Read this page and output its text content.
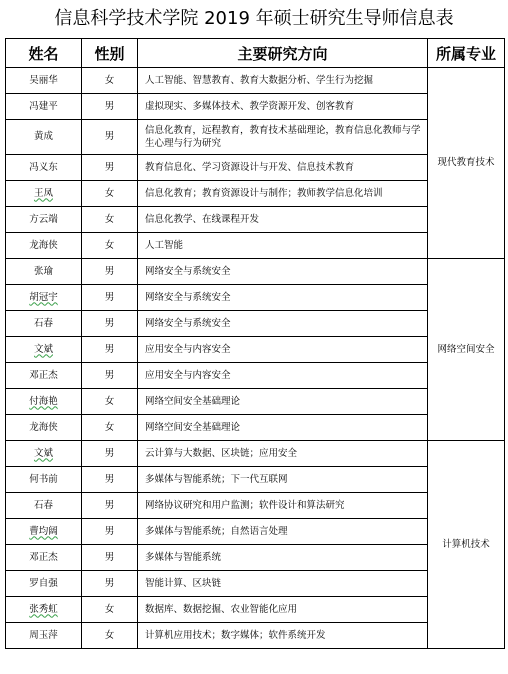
信息科学技术学院 2019 年硕士研究生导师信息表
姓名	性别	主要研究方向	所属专业
吴丽华	女	人工智能、智慧教育、教育大数据分析、学生行为挖掘	现代教育技术
冯建平	男	虚拟现实、多媒体技术、教学资源开发、创客教育	
黄成	男	信息化教育，远程教育，教育技术基础理论，教育信息化教师与学生心理与行为研究	
冯义东	男	教育信息化、学习资源设计与开发、信息技术教育	
王凤	女	信息化教育；教育资源设计与制作；教师教学信息化培训	
方云端	女	信息化教学、在线课程开发	
龙海侠	女	人工智能	
张瑜	男	网络安全与系统安全	网络空间安全
胡冠宇	男	网络安全与系统安全	
石春	男	网络安全与系统安全	
文斌	男	应用安全与内容安全	
邓正杰	男	应用安全与内容安全	
付海艳	女	网络空间安全基础理论	
龙海侠	女	网络空间安全基础理论	
文斌	男	云计算与大数据、区块链；应用安全	计算机技术
何书前	男	多媒体与智能系统；下一代互联网	
石春	男	网络协议研究和用户监测；软件设计和算法研究	
曹均阔	男	多媒体与智能系统；自然语言处理	
邓正杰	男	多媒体与智能系统	
罗自强	男	智能计算、区块链	
张秀虹	女	数据库、数据挖掘、农业智能化应用	
周玉萍	女	计算机应用技术；数字媒体；软件系统开发	
